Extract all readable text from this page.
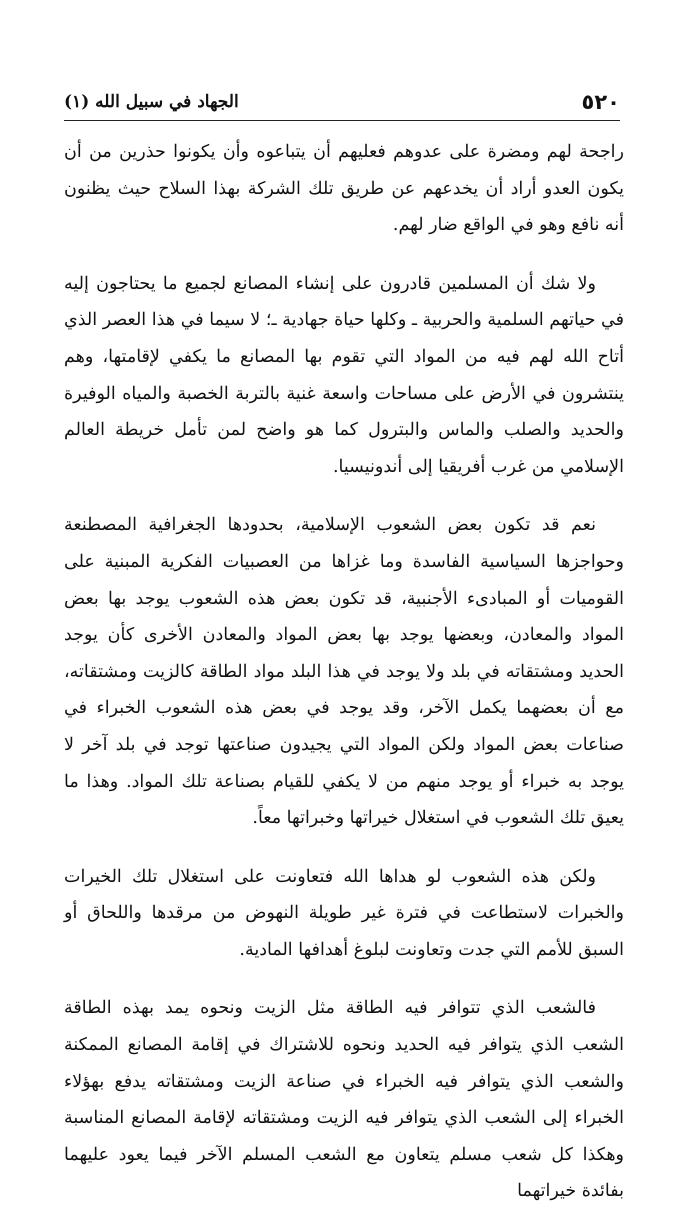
٥٢٠
الجهاد في سبيل الله (١)

راجحة لهم ومضرة على عدوهم فعليهم أن يتباعوه وأن يكونوا حذرين من أن يكون العدو أراد أن يخدعهم عن طريق تلك الشركة بهذا السلاح حيث يظنون أنه نافع وهو في الواقع ضار لهم.

ولا شك أن المسلمين قادرون على إنشاء المصانع لجميع ما يحتاجون إليه في حياتهم السلمية والحربية ـ وكلها حياة جهادية ـ؛ لا سيما في هذا العصر الذي أتاح الله لهم فيه من المواد التي تقوم بها المصانع ما يكفي لإقامتها، وهم ينتشرون في الأرض على مساحات واسعة غنية بالتربة الخصبة والمياه الوفيرة والحديد والصلب والماس والبترول كما هو واضح لمن تأمل خريطة العالم الإسلامي من غرب أفريقيا إلى أندونيسيا.

نعم قد تكون بعض الشعوب الإسلامية، بحدودها الجغرافية المصطنعة وحواجزها السياسية الفاسدة وما غزاها من العصبيات الفكرية المبنية على القوميات أو المبادىء الأجنبية، قد تكون بعض هذه الشعوب يوجد بها بعض المواد والمعادن، وبعضها يوجد بها بعض المواد والمعادن الأخرى كأن يوجد الحديد ومشتقاته في بلد ولا يوجد في هذا البلد مواد الطاقة كالزيت ومشتقاته، مع أن بعضهما يكمل الآخر، وقد يوجد في بعض هذه الشعوب الخبراء في صناعات بعض المواد ولكن المواد التي يجيدون صناعتها توجد في بلد آخر لا يوجد به خبراء أو يوجد منهم من لا يكفي للقيام بصناعة تلك المواد. وهذا ما يعيق تلك الشعوب في استغلال خيراتها وخبراتها معاً.

ولكن هذه الشعوب لو هداها الله فتعاونت على استغلال تلك الخيرات والخبرات لاستطاعت في فترة غير طويلة النهوض من مرقدها واللحاق أو السبق للأمم التي جدت وتعاونت لبلوغ أهدافها المادية.

فالشعب الذي تتوافر فيه الطاقة مثل الزيت ونحوه يمد بهذه الطاقة الشعب الذي يتوافر فيه الحديد ونحوه للاشتراك في إقامة المصانع الممكنة والشعب الذي يتوافر فيه الخبراء في صناعة الزيت ومشتقاته يدفع بهؤلاء الخبراء إلى الشعب الذي يتوافر فيه الزيت ومشتقاته لإقامة المصانع المناسبة وهكذا كل شعب مسلم يتعاون مع الشعب المسلم الآخر فيما يعود عليهما بفائدة خيراتهما
